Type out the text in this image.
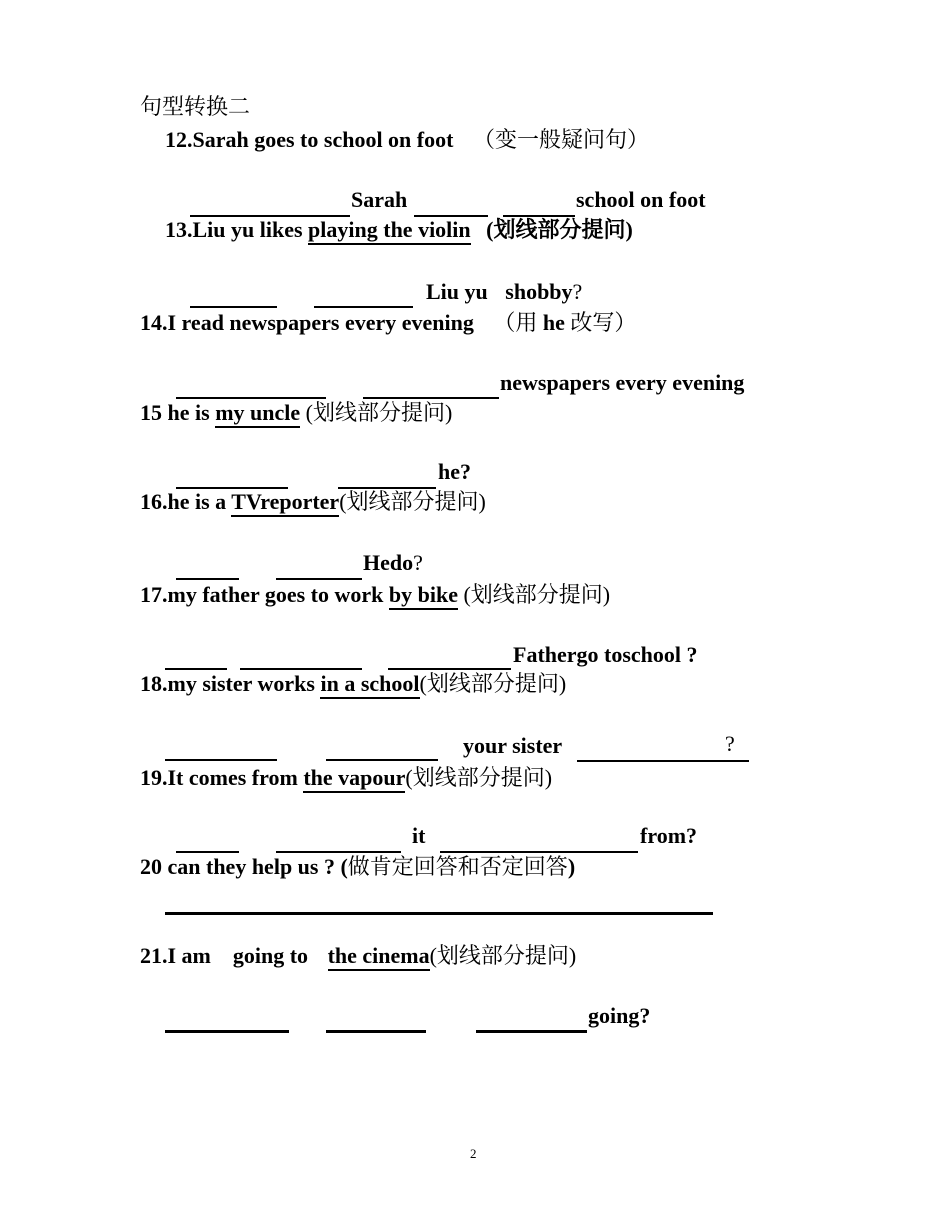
句型转换二
12.Sarah goes to school on foot （变一般疑问句）
Sarah	school on foot
13.Liu yu likes playing the violin (划线部分提问)
Liu yu shobby?
14.I read newspapers every evening （用 he 改写）
newspapers every evening
15 he is my uncle (划线部分提问)
he?
16.he is a TVreporter(划线部分提问)
Hedo?
17.my father goes to work by bike (划线部分提问)
Fathergo toschool ?
18.my sister works in a school(划线部分提问)
your sister	?
19.It comes from the vapour(划线部分提问)
it	from?
20 can they help us ? (做肯定回答和否定回答)
21.I am    going to the cinema(划线部分提问)
going?
2
